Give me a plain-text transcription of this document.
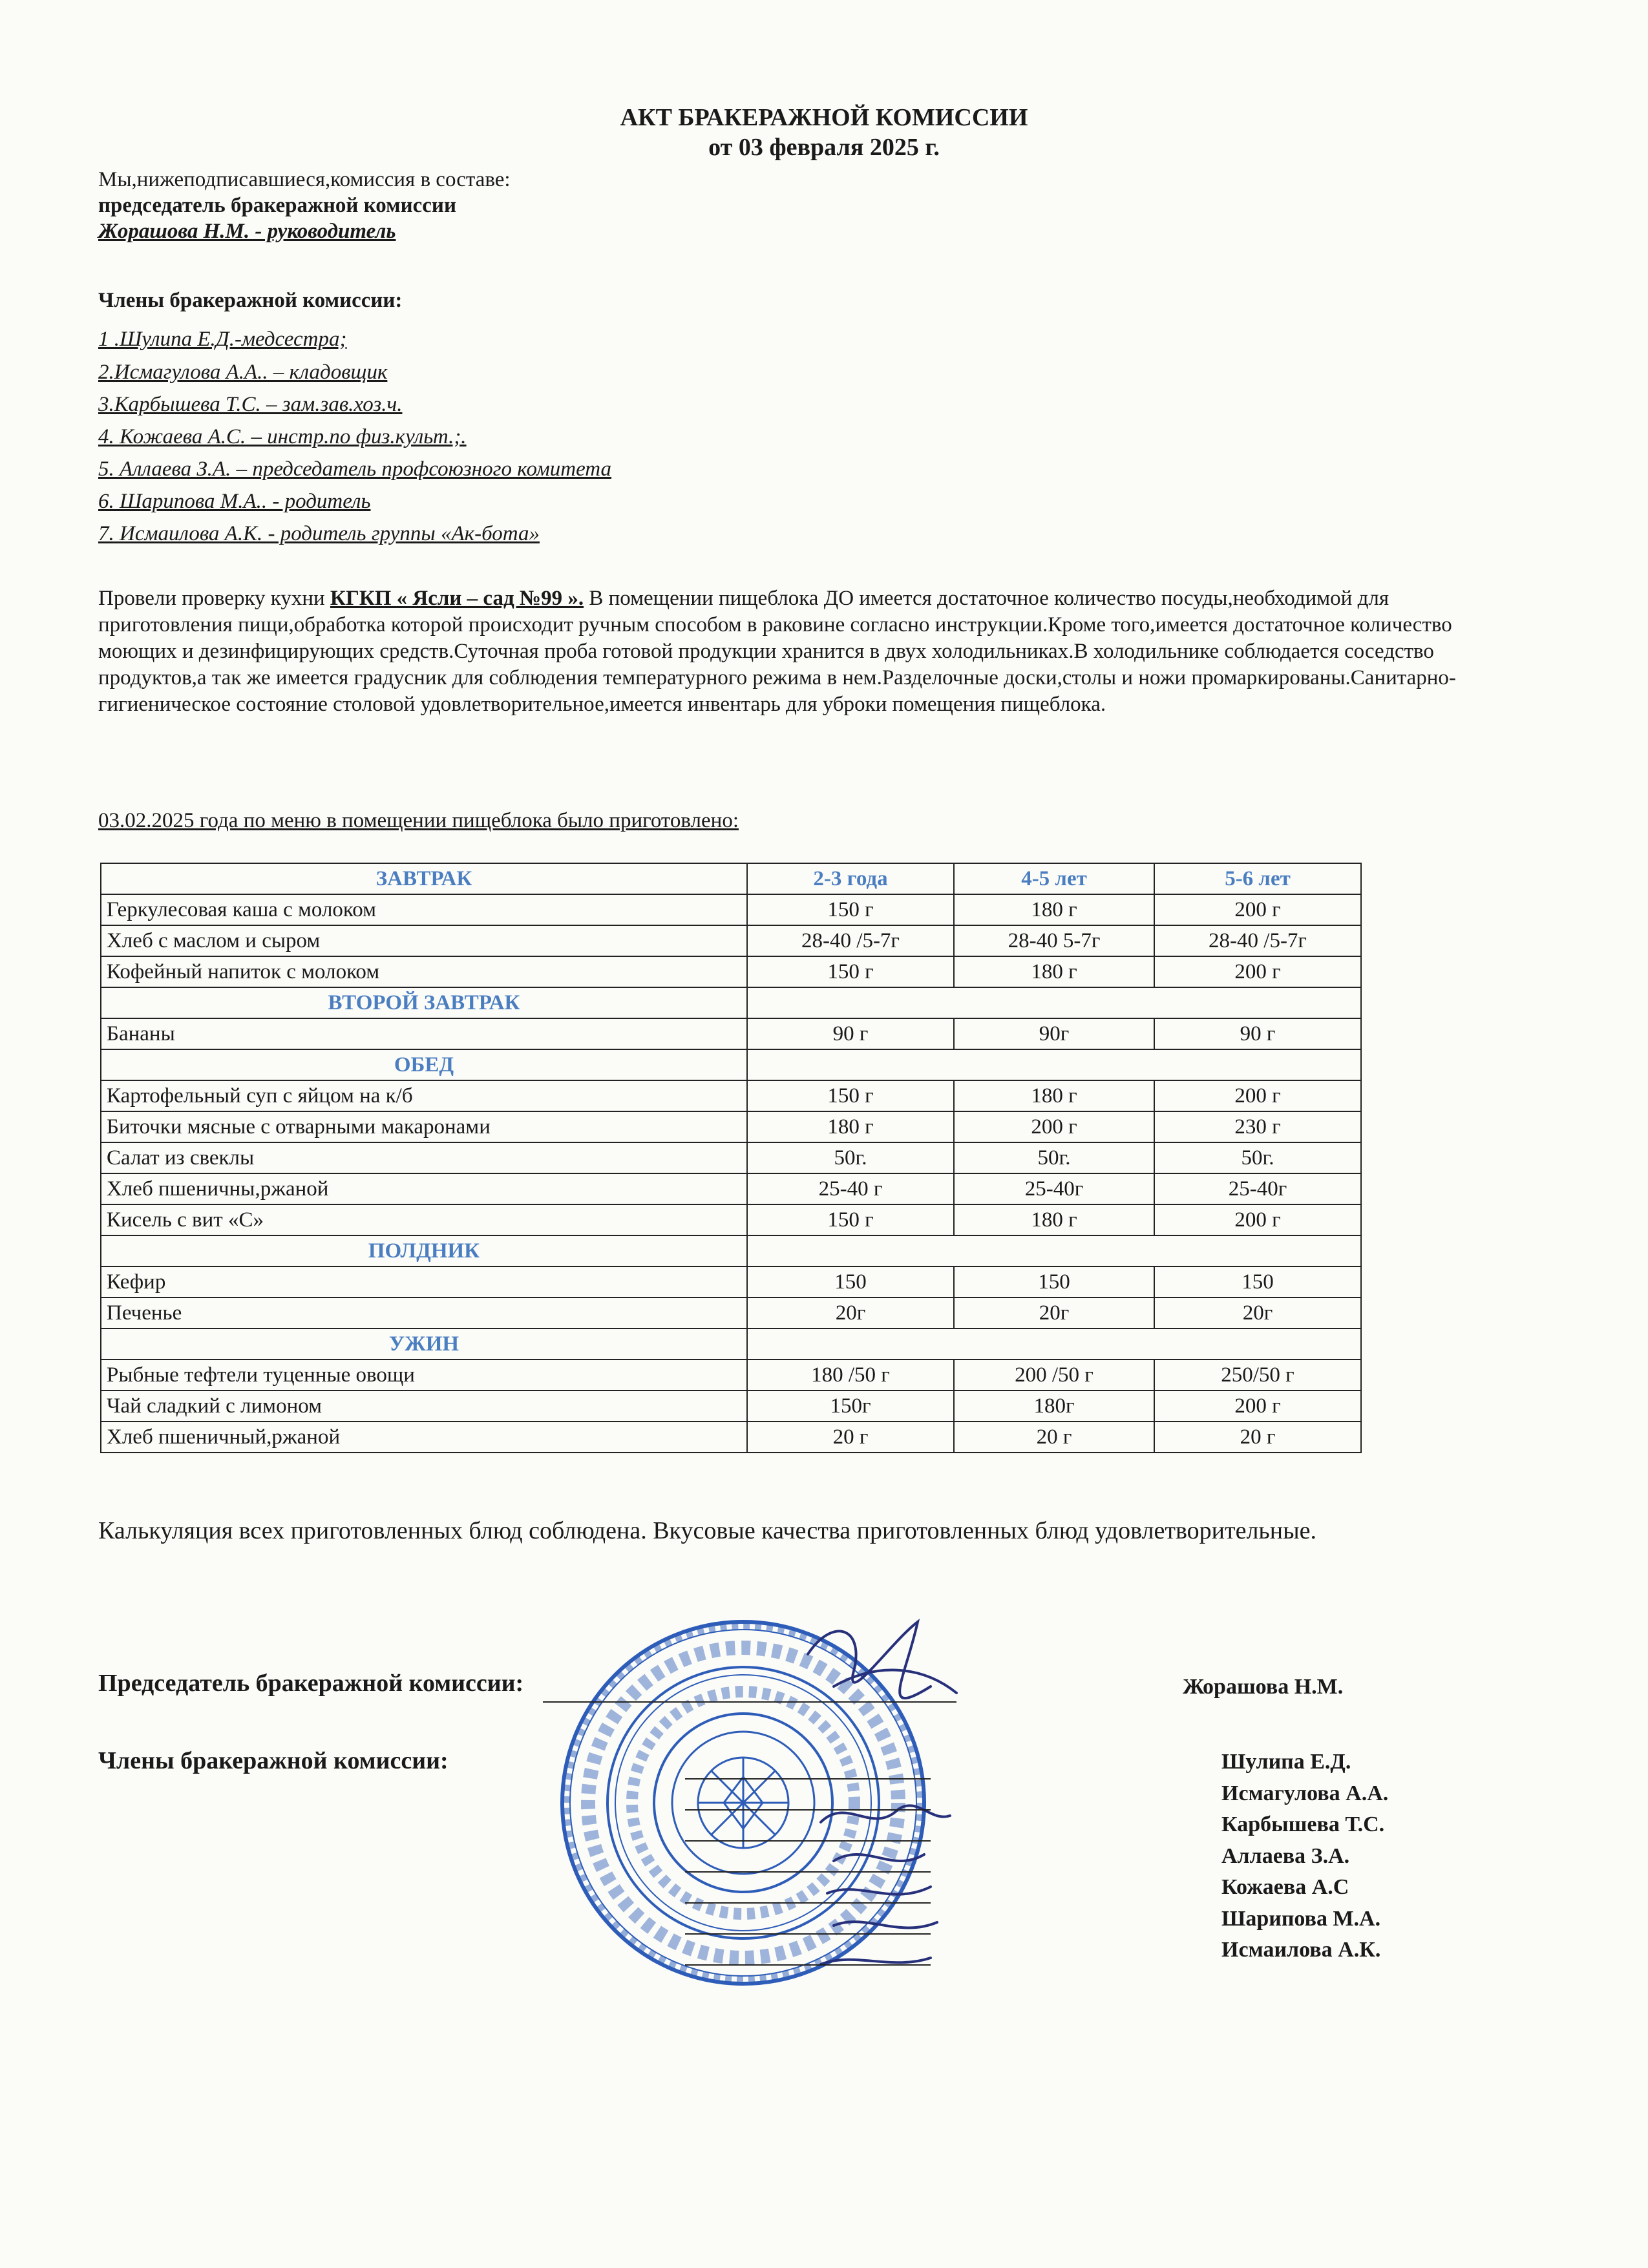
АКТ БРАКЕРАЖНОЙ КОМИССИИ
от 03 февраля 2025 г.
Мы,нижеподписавшиеся,комиссия в составе:
председатель бракеражной комиссии
Жорашова Н.М. - руководитель
Члены бракеражной комиссии:
1 .Шулипа Е.Д.-медсестра;
2.Исмагулова А.А.. – кладовщик
3.Карбышева Т.С. – зам.зав.хоз.ч.
4. Кожаева А.С. – инстр.по физ.культ.;.
5. Аллаева З.А. – председатель профсоюзного комитета
6. Шарипова М.А.. - родитель
7. Исмаилова А.К. - родитель группы «Ак-бота»
Провели проверку кухни КГКП « Ясли – сад №99 ». В помещении пищеблока ДО имеется достаточное количество посуды,необходимой для приготовления пищи,обработка которой происходит ручным способом в раковине согласно инструкции.Кроме того,имеется достаточное количество моющих и дезинфицирующих средств.Суточная проба готовой продукции хранится в двух холодильниках.В холодильнике соблюдается соседство продуктов,а так же имеется градусник для соблюдения температурного режима в нем.Разделочные доски,столы и ножи промаркированы.Санитарно-гигиеническое состояние столовой удовлетворительное,имеется инвентарь для уброки помещения пищеблока.
03.02.2025 года по меню в помещении пищеблока было приготовлено:
ЗАВТРАК	2-3 года	4-5 лет	5-6 лет
Геркулесовая каша с молоком	150 г	180 г	200 г
Хлеб с маслом и сыром	28-40 /5-7г	28-40 5-7г	28-40 /5-7г
Кофейный напиток с молоком	150 г	180 г	200 г
ВТОРОЙ ЗАВТРАК			
Бананы	90 г	90г	90 г
ОБЕД			
Картофельный суп с яйцом на к/б	150 г	180 г	200 г
Биточки мясные с отварными макаронами	180 г	200 г	230 г
Салат из свеклы	50г.	50г.	50г.
Хлеб пшеничны,ржаной	25-40 г	25-40г	25-40г
Кисель с вит «С»	150 г	180 г	200 г
ПОЛДНИК			
Кефир	150	150	150
Печенье	20г	20г	20г
УЖИН			
Рыбные тефтели туценные овощи	180 /50 г	200 /50 г	250/50 г
Чай сладкий с лимоном	150г	180г	200 г
Хлеб пшеничный,ржаной	20 г	20 г	20 г
Калькуляция всех приготовленных блюд соблюдена. Вкусовые качества приготовленных блюд удовлетворительные.
Председатель бракеражной комиссии:	Жорашова Н.М.
Члены бракеражной комиссии:	Шулипа Е.Д.
Исмагулова А.А.
Карбышева Т.С.
Аллаева З.А.
Кожаева А.С
Шарипова М.А.
Исмаилова А.К.
